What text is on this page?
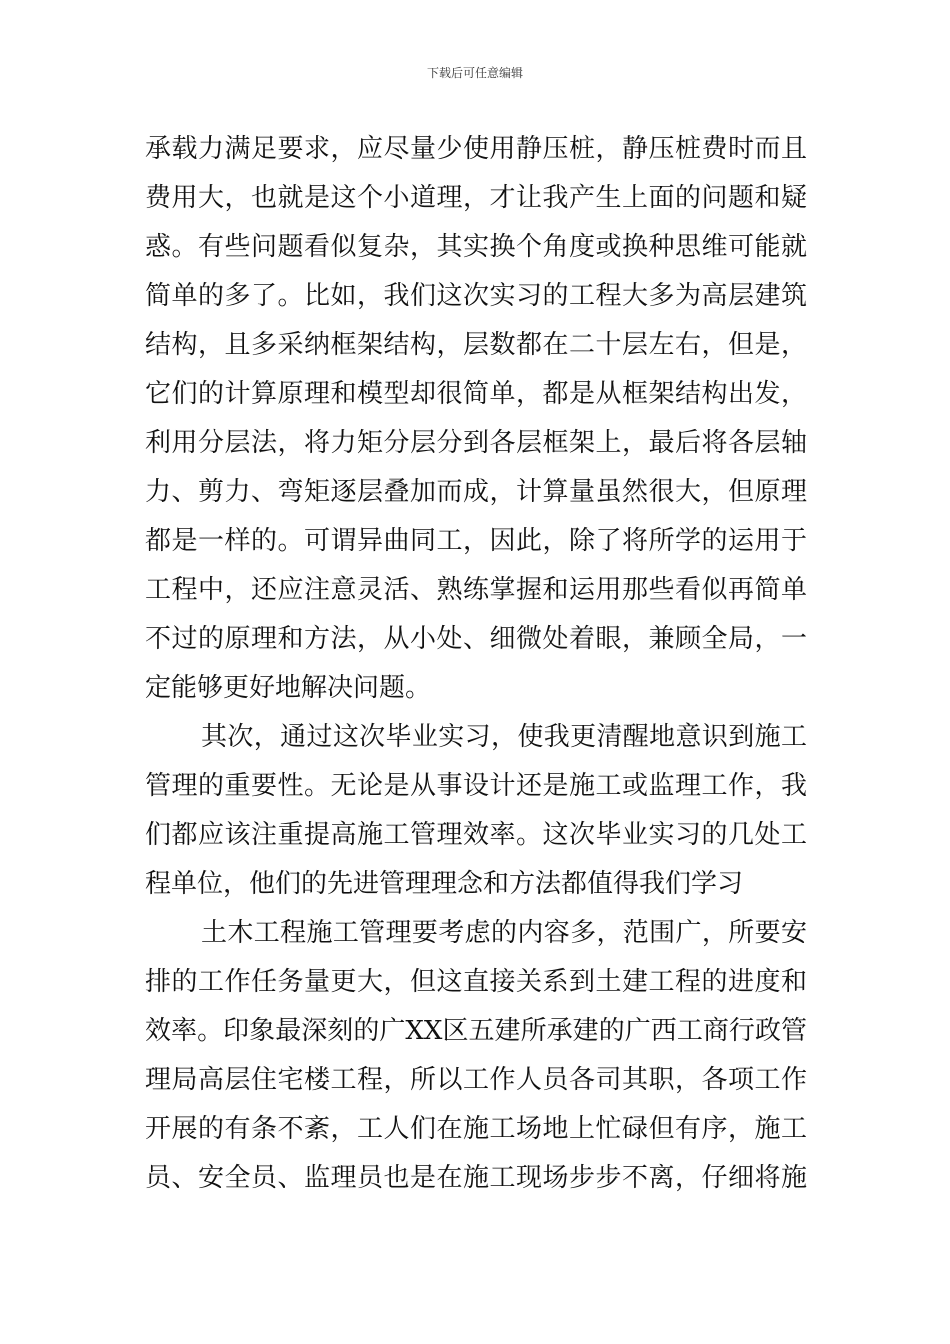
下载后可任意编辑
承载力满足要求，应尽量少使用静压桩，静压桩费时而且
费用大，也就是这个小道理，才让我产生上面的问题和疑
惑。有些问题看似复杂，其实换个角度或换种思维可能就
简单的多了。比如，我们这次实习的工程大多为高层建筑
结构，且多采纳框架结构，层数都在二十层左右，但是，
它们的计算原理和模型却很简单，都是从框架结构出发，
利用分层法，将力矩分层分到各层框架上，最后将各层轴
力、剪力、弯矩逐层叠加而成，计算量虽然很大，但原理
都是一样的。可谓异曲同工，因此，除了将所学的运用于
工程中，还应注意灵活、熟练掌握和运用那些看似再简单
不过的原理和方法，从小处、细微处着眼，兼顾全局，一
定能够更好地解决问题。
其次，通过这次毕业实习，使我更清醒地意识到施工
管理的重要性。无论是从事设计还是施工或监理工作，我
们都应该注重提高施工管理效率。这次毕业实习的几处工
程单位，他们的先进管理理念和方法都值得我们学习
土木工程施工管理要考虑的内容多，范围广，所要安
排的工作任务量更大，但这直接关系到土建工程的进度和
效率。印象最深刻的广XX区五建所承建的广西工商行政管
理局高层住宅楼工程，所以工作人员各司其职，各项工作
开展的有条不紊，工人们在施工场地上忙碌但有序，施工
员、安全员、监理员也是在施工现场步步不离，仔细将施
